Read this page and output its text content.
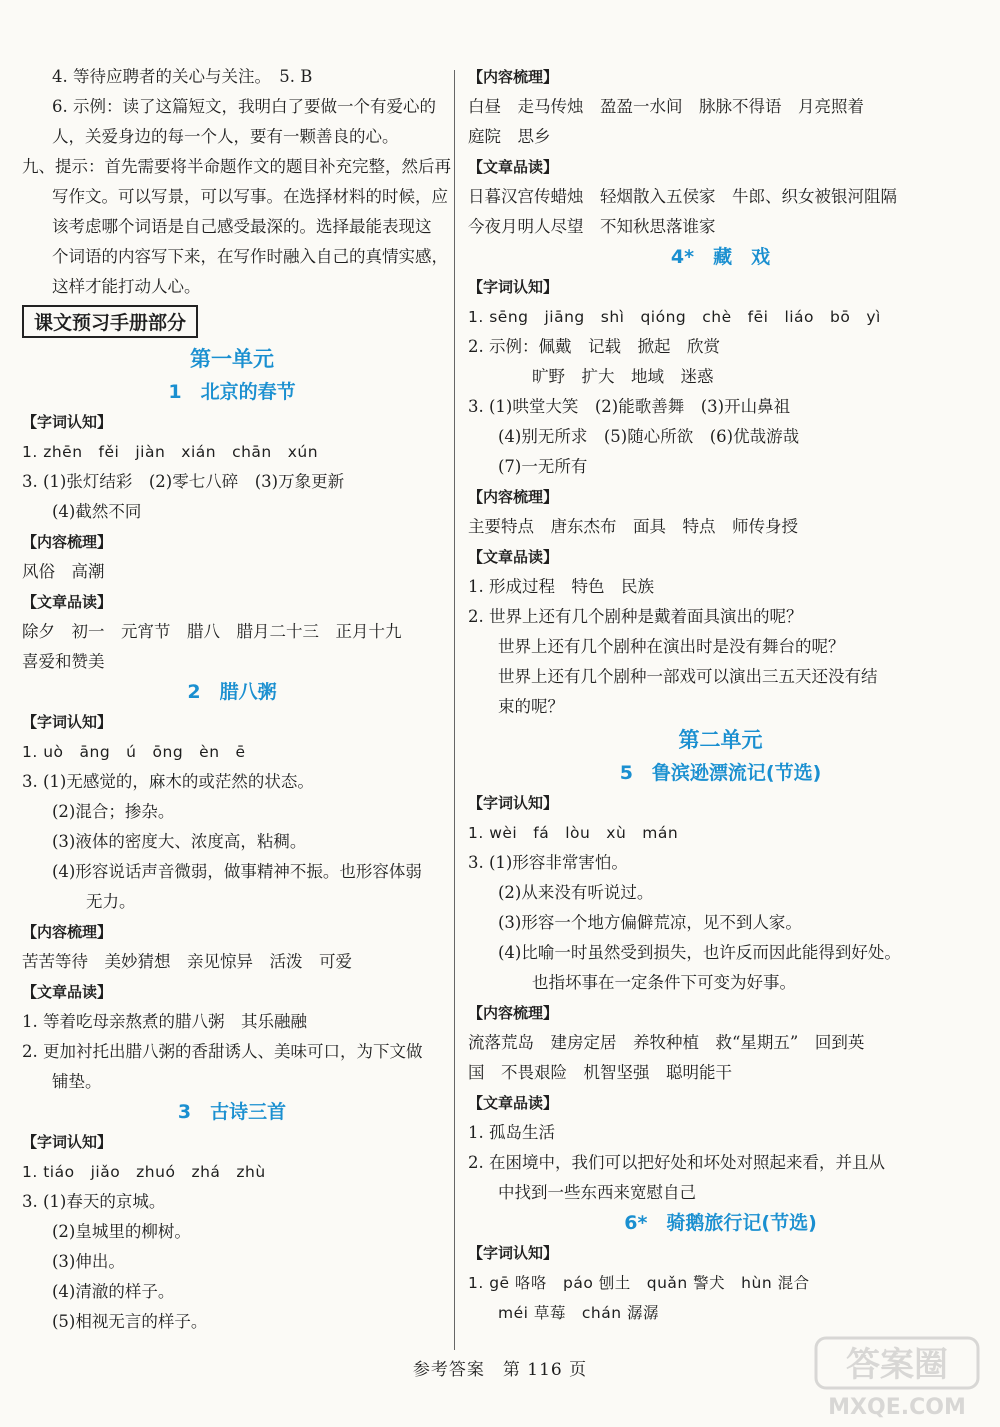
4. 等待应聘者的关心与关注。　5. B
6. 示例：读了这篇短文，我明白了要做一个有爱心的
人，关爱身边的每一个人，要有一颗善良的心。
九、提示：首先需要将半命题作文的题目补充完整，然后再
写作文。可以写景，可以写事。在选择材料的时候，应
该考虑哪个词语是自己感受最深的。选择最能表现这
个词语的内容写下来，在写作时融入自己的真情实感，
这样才能打动人心。
课文预习手册部分
第一单元
1　北京的春节
【字词认知】
1. zhēn　fěi　jiàn　xián　chān　xún
3. (1)张灯结彩　(2)零七八碎　(3)万象更新
(4)截然不同
【内容梳理】
风俗　高潮
【文章品读】
除夕　初一　元宵节　腊八　腊月二十三　正月十九
喜爱和赞美
2　腊八粥
【字词认知】
1. uò　āng　ú　ōng　èn　ē
3. (1)无感觉的，麻木的或茫然的状态。
(2)混合；掺杂。
(3)液体的密度大、浓度高，粘稠。
(4)形容说话声音微弱，做事精神不振。也形容体弱
无力。
【内容梳理】
苦苦等待　美妙猜想　亲见惊异　活泼　可爱
【文章品读】
1. 等着吃母亲熬煮的腊八粥　其乐融融
2. 更加衬托出腊八粥的香甜诱人、美味可口，为下文做
铺垫。
3　古诗三首
【字词认知】
1. tiáo　jiǎo　zhuó　zhá　zhù
3. (1)春天的京城。
(2)皇城里的柳树。
(3)伸出。
(4)清澈的样子。
(5)相视无言的样子。
【内容梳理】
白昼　走马传烛　盈盈一水间　脉脉不得语　月亮照着
庭院　思乡
【文章品读】
日暮汉宫传蜡烛　轻烟散入五侯家　牛郎、织女被银河阻隔
今夜月明人尽望　不知秋思落谁家
4*　藏　戏
【字词认知】
1. sēng　jiāng　shì　qióng　chè　fēi　liáo　bō　yì
2. 示例：佩戴　记载　掀起　欣赏
旷野　扩大　地域　迷惑
3. (1)哄堂大笑　(2)能歌善舞　(3)开山鼻祖
(4)别无所求　(5)随心所欲　(6)优哉游哉
(7)一无所有
【内容梳理】
主要特点　唐东杰布　面具　特点　师传身授
【文章品读】
1. 形成过程　特色　民族
2. 世界上还有几个剧种是戴着面具演出的呢？
世界上还有几个剧种在演出时是没有舞台的呢？
世界上还有几个剧种一部戏可以演出三五天还没有结
束的呢？
第二单元
5　鲁滨逊漂流记(节选)
【字词认知】
1. wèi　fá　lòu　xù　mán
3. (1)形容非常害怕。
(2)从来没有听说过。
(3)形容一个地方偏僻荒凉，见不到人家。
(4)比喻一时虽然受到损失，也许反而因此能得到好处。
也指坏事在一定条件下可变为好事。
【内容梳理】
流落荒岛　建房定居　养牧种植　救“星期五”　回到英
国　不畏艰险　机智坚强　聪明能干
【文章品读】
1. 孤岛生活
2. 在困境中，我们可以把好处和坏处对照起来看，并且从
中找到一些东西来宽慰自己
6*　骑鹅旅行记(节选)
【字词认知】
1. gē 咯咯　páo 刨土　quǎn 警犬　hùn 混合
méi 草莓　chán 潺潺
参考答案　第 116 页	答案圈
MXQE.COM
